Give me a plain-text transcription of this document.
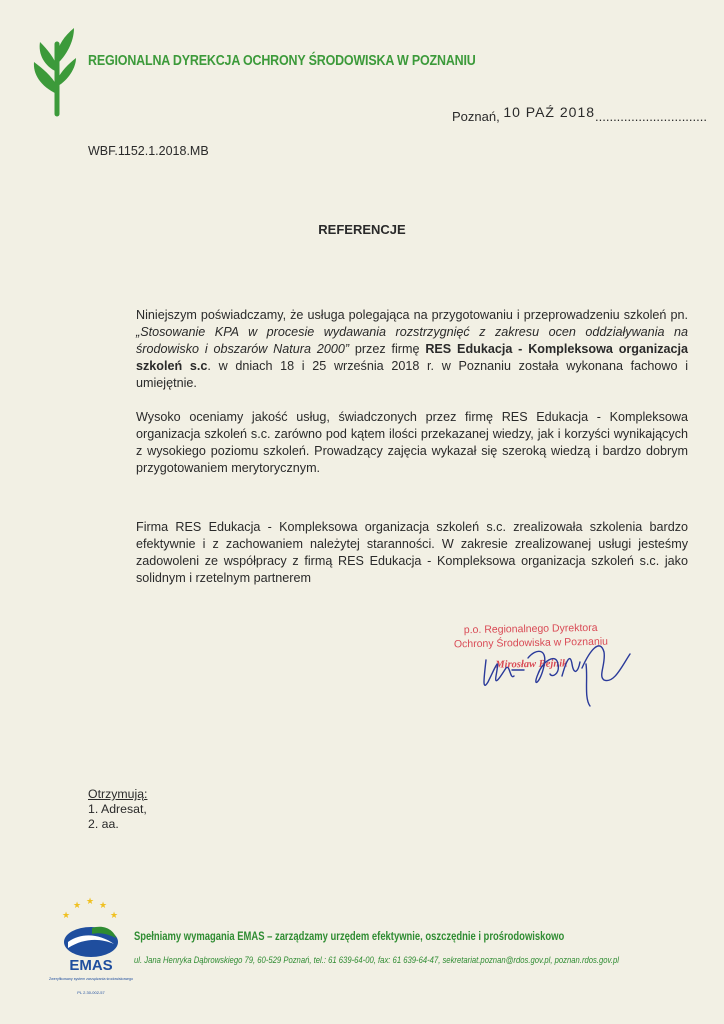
REGIONALNA DYREKCJA OCHRONY ŚRODOWISKA W POZNANIU
Poznań, 10 PAŹ 2018...............................
WBF.1152.1.2018.MB
REFERENCJE
Niniejszym poświadczamy, że usługa polegająca na przygotowaniu i przeprowadzeniu szkoleń pn. „Stosowanie KPA w procesie wydawania rozstrzygnięć z zakresu ocen oddziaływania na środowisko i obszarów Natura 2000” przez firmę RES Edukacja - Kompleksowa organizacja szkoleń s.c. w dniach 18 i 25 września 2018 r. w Poznaniu została wykonana fachowo i umiejętnie.
Wysoko oceniamy jakość usług, świadczonych przez firmę RES Edukacja - Kompleksowa organizacja szkoleń s.c. zarówno pod kątem ilości przekazanej wiedzy, jak i korzyści wynikających z wysokiego poziomu szkoleń. Prowadzący zajęcia wykazał się szeroką wiedzą i bardzo dobrym przygotowaniem merytorycznym.
Firma RES Edukacja - Kompleksowa organizacja szkoleń s.c. zrealizowała szkolenia bardzo efektywnie i z zachowaniem należytej staranności. W zakresie zrealizowanej usługi jesteśmy zadowoleni ze współpracy z firmą RES Edukacja - Kompleksowa organizacja szkoleń s.c. jako solidnym i rzetelnym partnerem
p.o. Regionalnego Dyrektora
Ochrony Środowiska w Poznaniu
Mirosław Bejnik
Otrzymują:
1. Adresat,
2. aa.
★
★ ★ ★
★
EMAS
Zweryfikowany system zarządzania środowiskowego
PL 2.30-002-57
Spełniamy wymagania EMAS – zarządzamy urzędem efektywnie, oszczędnie i prośrodowiskowo
ul. Jana Henryka Dąbrowskiego 79, 60-529 Poznań, tel.: 61 639-64-00, fax: 61 639-64-47, sekretariat.poznan@rdos.gov.pl, poznan.rdos.gov.pl
